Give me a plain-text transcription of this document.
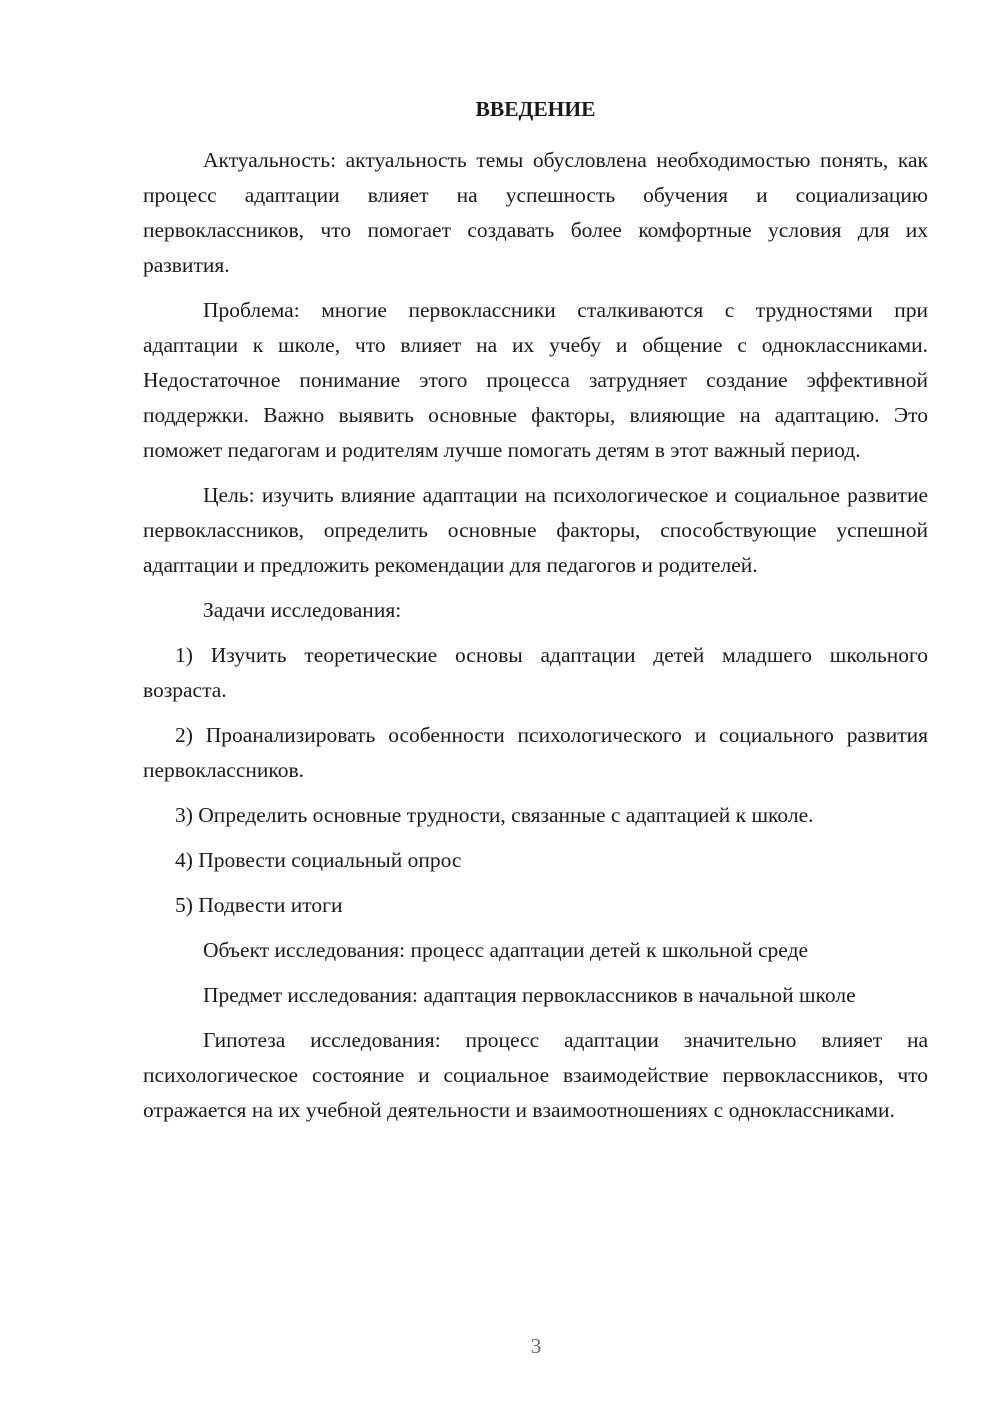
ВВЕДЕНИЕ

Актуальность: актуальность темы обусловлена необходимостью понять, как процесс адаптации влияет на успешность обучения и социализацию первоклассников, что помогает создавать более комфортные условия для их развития.

Проблема: многие первоклассники сталкиваются с трудностями при адаптации к школе, что влияет на их учебу и общение с одноклассниками. Недостаточное понимание этого процесса затрудняет создание эффективной поддержки. Важно выявить основные факторы, влияющие на адаптацию. Это поможет педагогам и родителям лучше помогать детям в этот важный период.

Цель: изучить влияние адаптации на психологическое и социальное развитие первоклассников, определить основные факторы, способствующие успешной адаптации и предложить рекомендации для педагогов и родителей.

Задачи исследования:

1) Изучить теоретические основы адаптации детей младшего школьного возраста.

2) Проанализировать особенности психологического и социального развития первоклассников.

3) Определить основные трудности, связанные с адаптацией к школе.

4) Провести социальный опрос

5) Подвести итоги

Объект исследования: процесс адаптации детей к школьной среде

Предмет исследования: адаптация первоклассников в начальной школе

Гипотеза исследования: процесс адаптации значительно влияет на психологическое состояние и социальное взаимодействие первоклассников, что отражается на их учебной деятельности и взаимоотношениях с одноклассниками.

3
